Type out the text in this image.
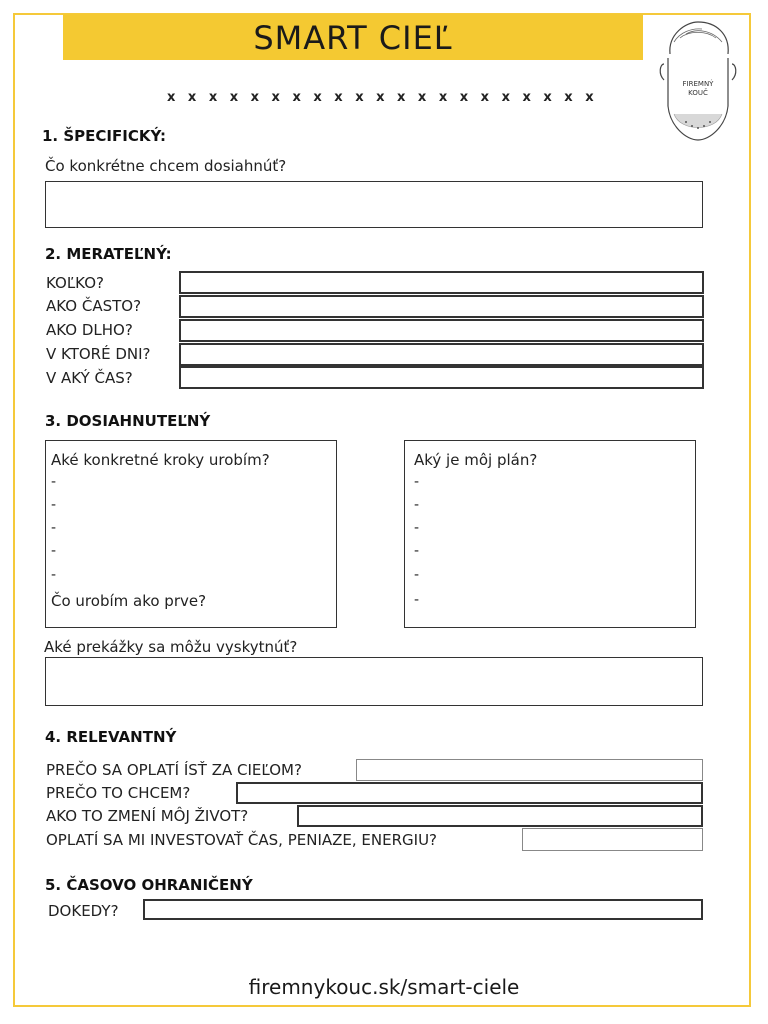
SMART CIEĽ
FIREMNÝ
KOUČ
x x x x x x x x x x x x x x x x x x x x x
1. ŠPECIFICKÝ:
Čo konkrétne chcem dosiahnúť?
2. MERATEĽNÝ:
KOĽKO?
AKO ČASTO?
AKO DLHO?
V KTORÉ DNI?
V AKÝ ČAS?
3. DOSIAHNUTEĽNÝ
Aké konkretné kroky urobím?
-
-
-
-
-
Čo urobím ako prve?
Aký je môj plán?
-
-
-
-
-
-
Aké prekážky sa môžu vyskytnúť?
4. RELEVANTNÝ
PREČO SA OPLATÍ ÍSŤ ZA CIEĽOM?
PREČO TO CHCEM?
AKO TO ZMENÍ MÔJ ŽIVOT?
OPLATÍ SA MI INVESTOVAŤ ČAS, PENIAZE, ENERGIU?
5. ČASOVO OHRANIČENÝ
DOKEDY?
firemnykouc.sk/smart-ciele
